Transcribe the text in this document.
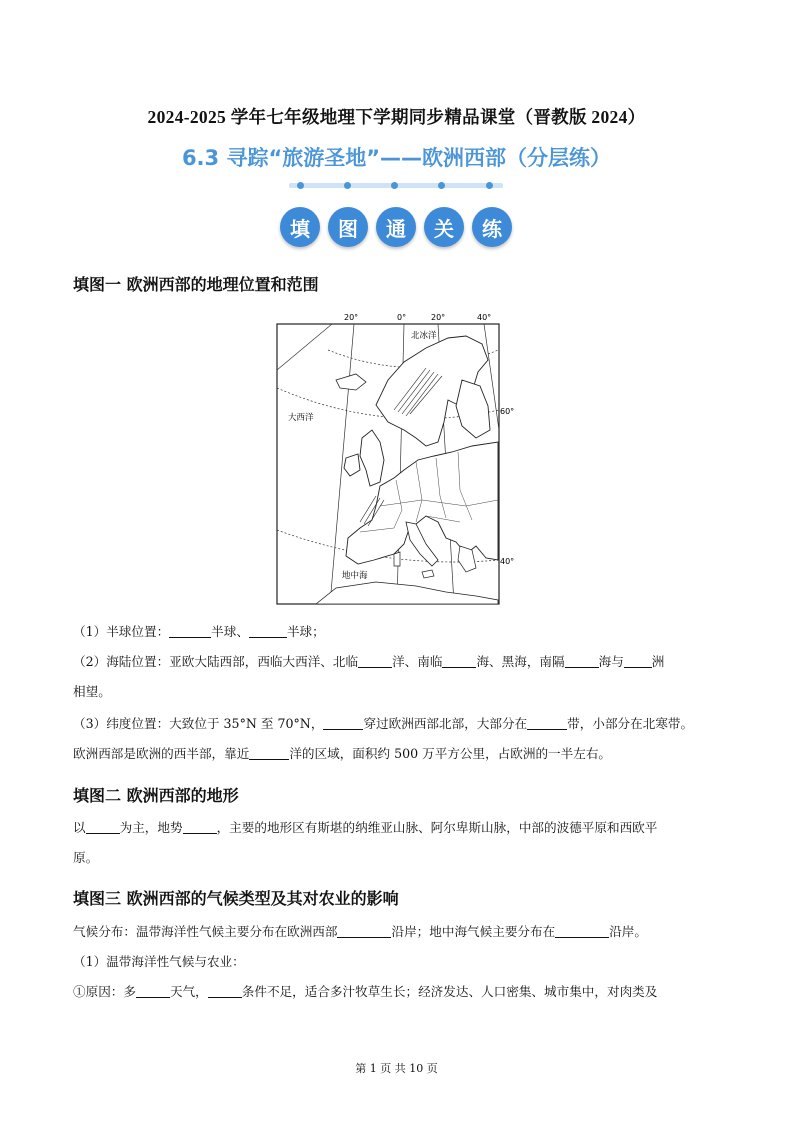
2024-2025 学年七年级地理下学期同步精品课堂（晋教版 2024）
6.3 寻踪“旅游圣地”——欧洲西部（分层练）
填	图	通	关	练
填图一 欧洲西部的地理位置和范围
20°	0°	20°	40°
60°
40°
北冰洋
大西洋
地中海
（1）半球位置：	半球、	半球；
（2）海陆位置：亚欧大陆西部，西临大西洋、北临	洋、南临	海、黑海，南隔	海与 洲
相望。
（3）纬度位置：大致位于 35°N 至 70°N，	穿过欧洲西部北部，大部分在	带，小部分在北寒带。
欧洲西部是欧洲的西半部，靠近	洋的区域，面积约 500 万平方公里，占欧洲的一半左右。
填图二 欧洲西部的地形
以	为主，地势	，主要的地形区有斯堪的纳维亚山脉、阿尔卑斯山脉，中部的波德平原和西欧平
原。
填图三 欧洲西部的气候类型及其对农业的影响
气候分布：温带海洋性气候主要分布在欧洲西部	沿岸；地中海气候主要分布在	沿岸。
（1）温带海洋性气候与农业：
①原因：多	天气，	条件不足，适合多汁牧草生长；经济发达、人口密集、城市集中，对肉类及
第 1 页 共 10 页
